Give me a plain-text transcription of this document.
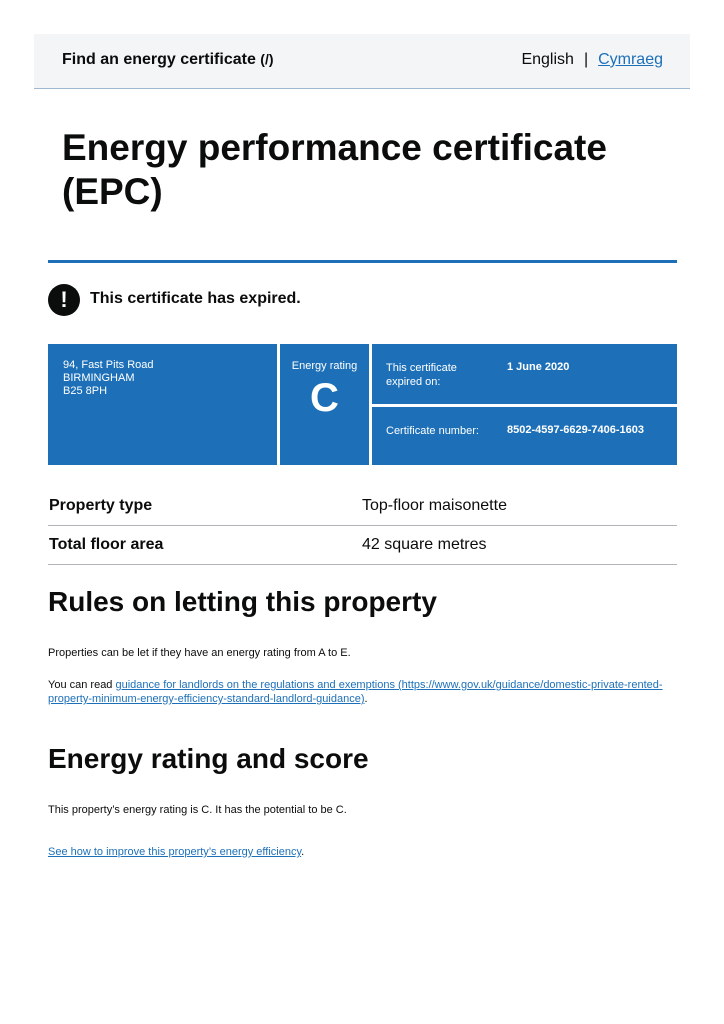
Find an energy certificate (/)	English | Cymraeg
Energy performance certificate (EPC)
!	This certificate has expired.
94, Fast Pits Road
BIRMINGHAM
B25 8PH
Energy rating
C
This certificate expired on:
1 June 2020
Certificate number:	8502-4597-6629-7406-1603
Property type	Top-floor maisonette
Total floor area	42 square metres
Rules on letting this property

Properties can be let if they have an energy rating from A to E.

You can read guidance for landlords on the regulations and exemptions (https://www.gov.uk/guidance/domestic-private-rented-property-minimum-energy-efficiency-standard-landlord-guidance).

Energy rating and score

This property’s energy rating is C. It has the potential to be C.

See how to improve this property’s energy efficiency.
